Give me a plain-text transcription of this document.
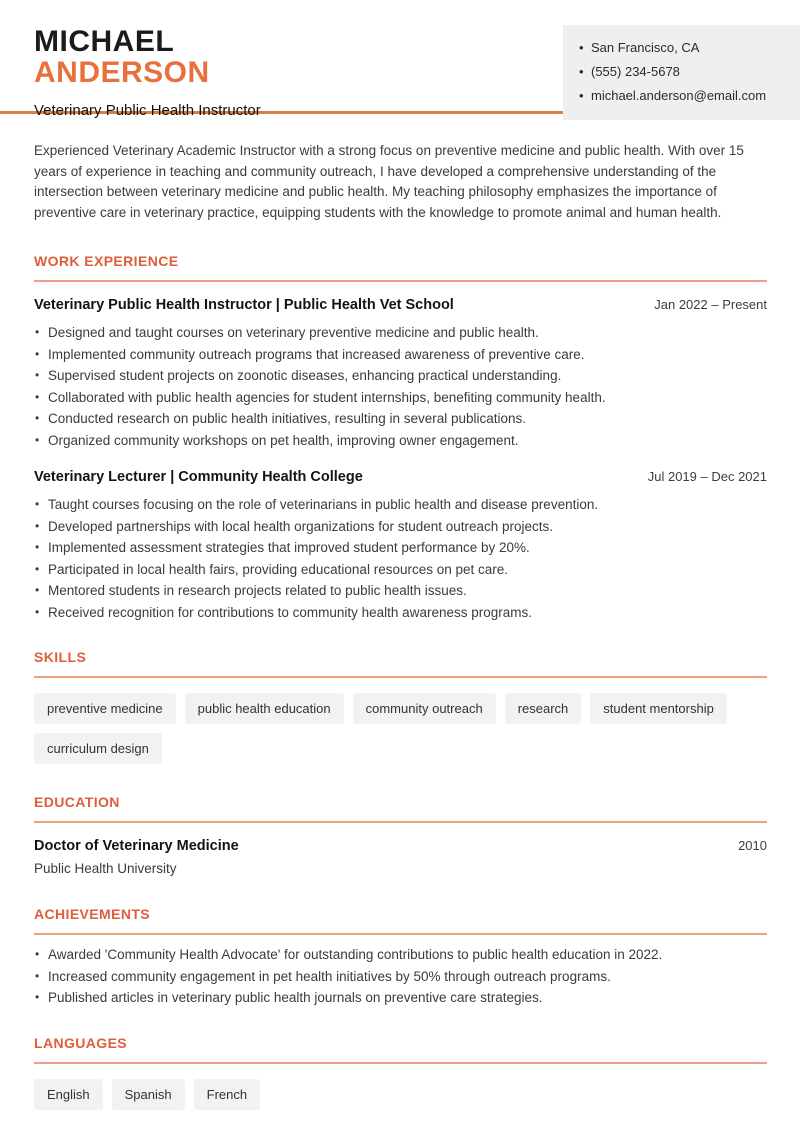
MICHAEL
ANDERSON
Veterinary Public Health Instructor
• San Francisco, CA
• (555) 234-5678
• michael.anderson@email.com

Experienced Veterinary Academic Instructor with a strong focus on preventive medicine and public health. With over 15 years of experience in teaching and community outreach, I have developed a comprehensive understanding of the intersection between veterinary medicine and public health. My teaching philosophy emphasizes the importance of preventive care in veterinary practice, equipping students with the knowledge to promote animal and human health.

WORK EXPERIENCE
Veterinary Public Health Instructor | Public Health Vet School	Jan 2022 – Present
• Designed and taught courses on veterinary preventive medicine and public health.
• Implemented community outreach programs that increased awareness of preventive care.
• Supervised student projects on zoonotic diseases, enhancing practical understanding.
• Collaborated with public health agencies for student internships, benefiting community health.
• Conducted research on public health initiatives, resulting in several publications.
• Organized community workshops on pet health, improving owner engagement.
Veterinary Lecturer | Community Health College	Jul 2019 – Dec 2021
• Taught courses focusing on the role of veterinarians in public health and disease prevention.
• Developed partnerships with local health organizations for student outreach projects.
• Implemented assessment strategies that improved student performance by 20%.
• Participated in local health fairs, providing educational resources on pet care.
• Mentored students in research projects related to public health issues.
• Received recognition for contributions to community health awareness programs.
SKILLS
preventive medicine	public health education	community outreach	research	student mentorship
curriculum design
EDUCATION
Doctor of Veterinary Medicine	2010
Public Health University
ACHIEVEMENTS
• Awarded 'Community Health Advocate' for outstanding contributions to public health education in 2022.
• Increased community engagement in pet health initiatives by 50% through outreach programs.
• Published articles in veterinary public health journals on preventive care strategies.
LANGUAGES
English	Spanish	French
